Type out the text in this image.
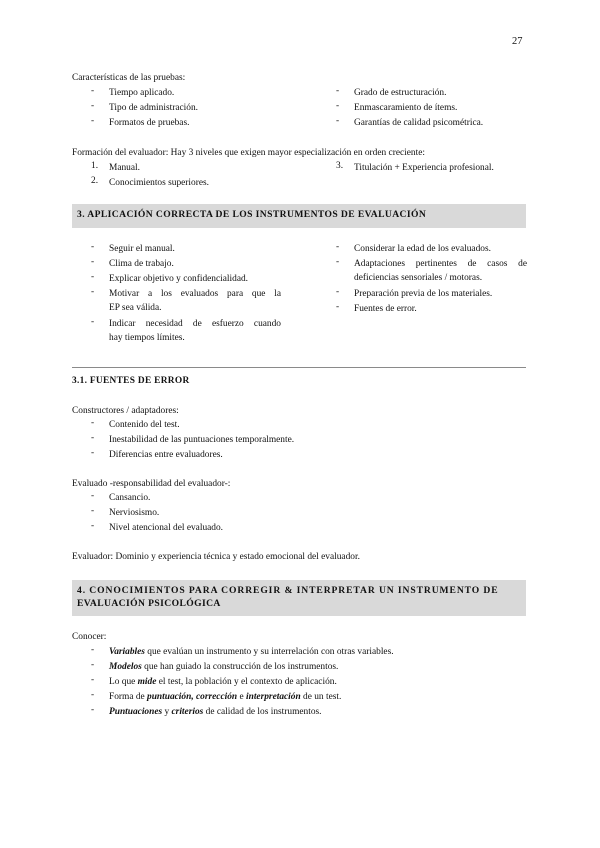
27
Características de las pruebas:
- Tiempo aplicado.
- Tipo de administración.
- Formatos de pruebas.
- Grado de estructuración.
- Enmascaramiento de ítems.
- Garantías de calidad psicométrica.
Formación del evaluador: Hay 3 niveles que exigen mayor especialización en orden creciente:
1. Manual.
2. Conocimientos superiores.
3. Titulación + Experiencia profesional.
3. APLICACIÓN CORRECTA DE LOS INSTRUMENTOS DE EVALUACIÓN
- Seguir el manual.
- Clima de trabajo.
- Explicar objetivo y confidencialidad.
- Motivar a los evaluados para que la
EP sea válida.
- Indicar necesidad de esfuerzo cuando
hay tiempos límites.
- Considerar la edad de los evaluados.
- Adaptaciones pertinentes de casos de
deficiencias sensoriales / motoras.
- Preparación previa de los materiales.
- Fuentes de error.
3.1. FUENTES DE ERROR
Constructores / adaptadores:
- Contenido del test.
- Inestabilidad de las puntuaciones temporalmente.
- Diferencias entre evaluadores.
Evaluado -responsabilidad del evaluador-:
- Cansancio.
- Nerviosismo.
- Nivel atencional del evaluado.
Evaluador: Dominio y experiencia técnica y estado emocional del evaluador.
4. CONOCIMIENTOS PARA CORREGIR & INTERPRETAR UN INSTRUMENTO DE
EVALUACIÓN PSICOLÓGICA
Conocer:
- Variables que evalúan un instrumento y su interrelación con otras variables.
- Modelos que han guiado la construcción de los instrumentos.
- Lo que mide el test, la población y el contexto de aplicación.
- Forma de puntuación, corrección e interpretación de un test.
- Puntuaciones y criterios de calidad de los instrumentos.
